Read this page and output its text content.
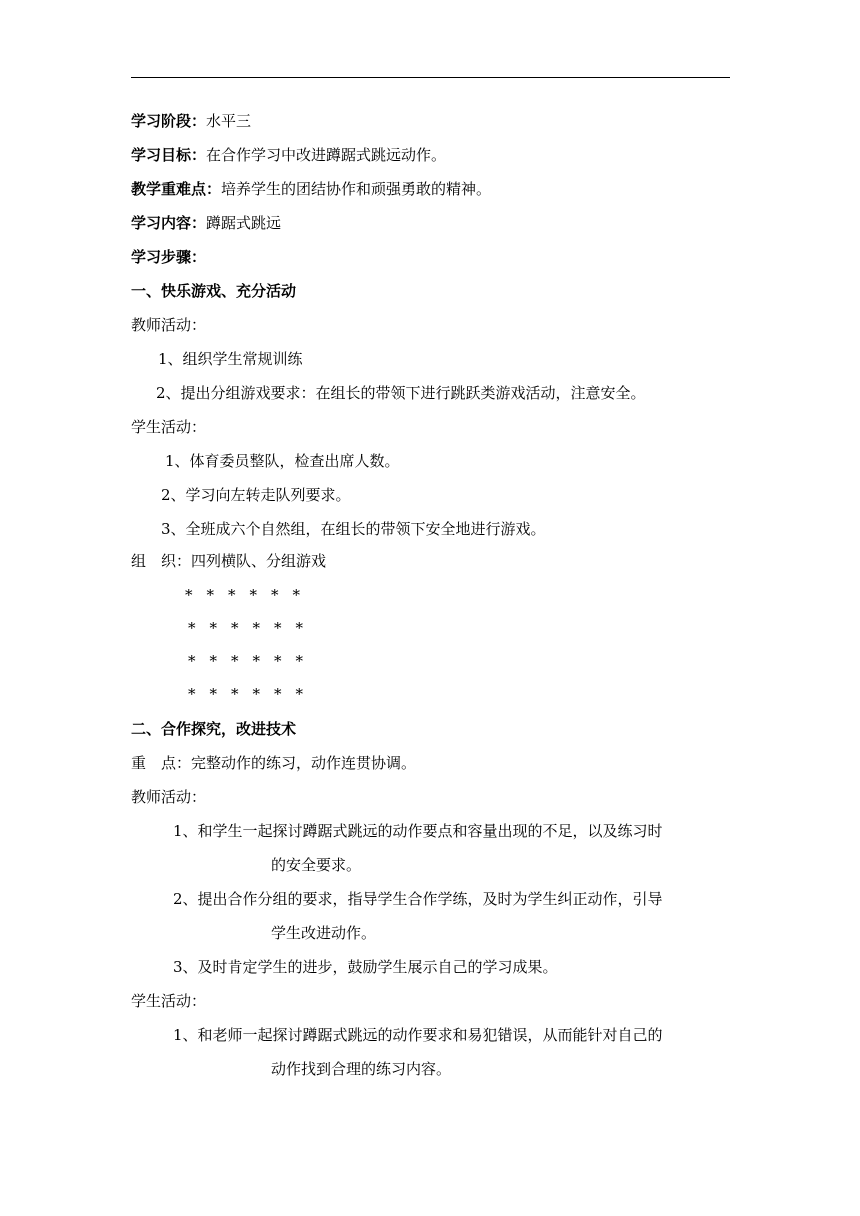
学习阶段：水平三
学习目标：在合作学习中改进蹲踞式跳远动作。
教学重难点：培养学生的团结协作和顽强勇敢的精神。
学习内容：蹲踞式跳远
学习步骤：
一、快乐游戏、充分活动
教师活动：
1、组织学生常规训练
2、提出分组游戏要求：在组长的带领下进行跳跃类游戏活动，注意安全。
学生活动：
1、体育委员整队，检查出席人数。
2、学习向左转走队列要求。
3、全班成六个自然组，在组长的带领下安全地进行游戏。
组　织：四列横队、分组游戏
* * * * * *
* * * * * *
* * * * * *
* * * * * *
二、合作探究，改进技术
重　点：完整动作的练习，动作连贯协调。
教师活动：
1、和学生一起探讨蹲踞式跳远的动作要点和容量出现的不足，以及练习时
的安全要求。
2、提出合作分组的要求，指导学生合作学练，及时为学生纠正动作，引导
学生改进动作。
3、及时肯定学生的进步，鼓励学生展示自己的学习成果。
学生活动：
1、和老师一起探讨蹲踞式跳远的动作要求和易犯错误，从而能针对自己的
动作找到合理的练习内容。
